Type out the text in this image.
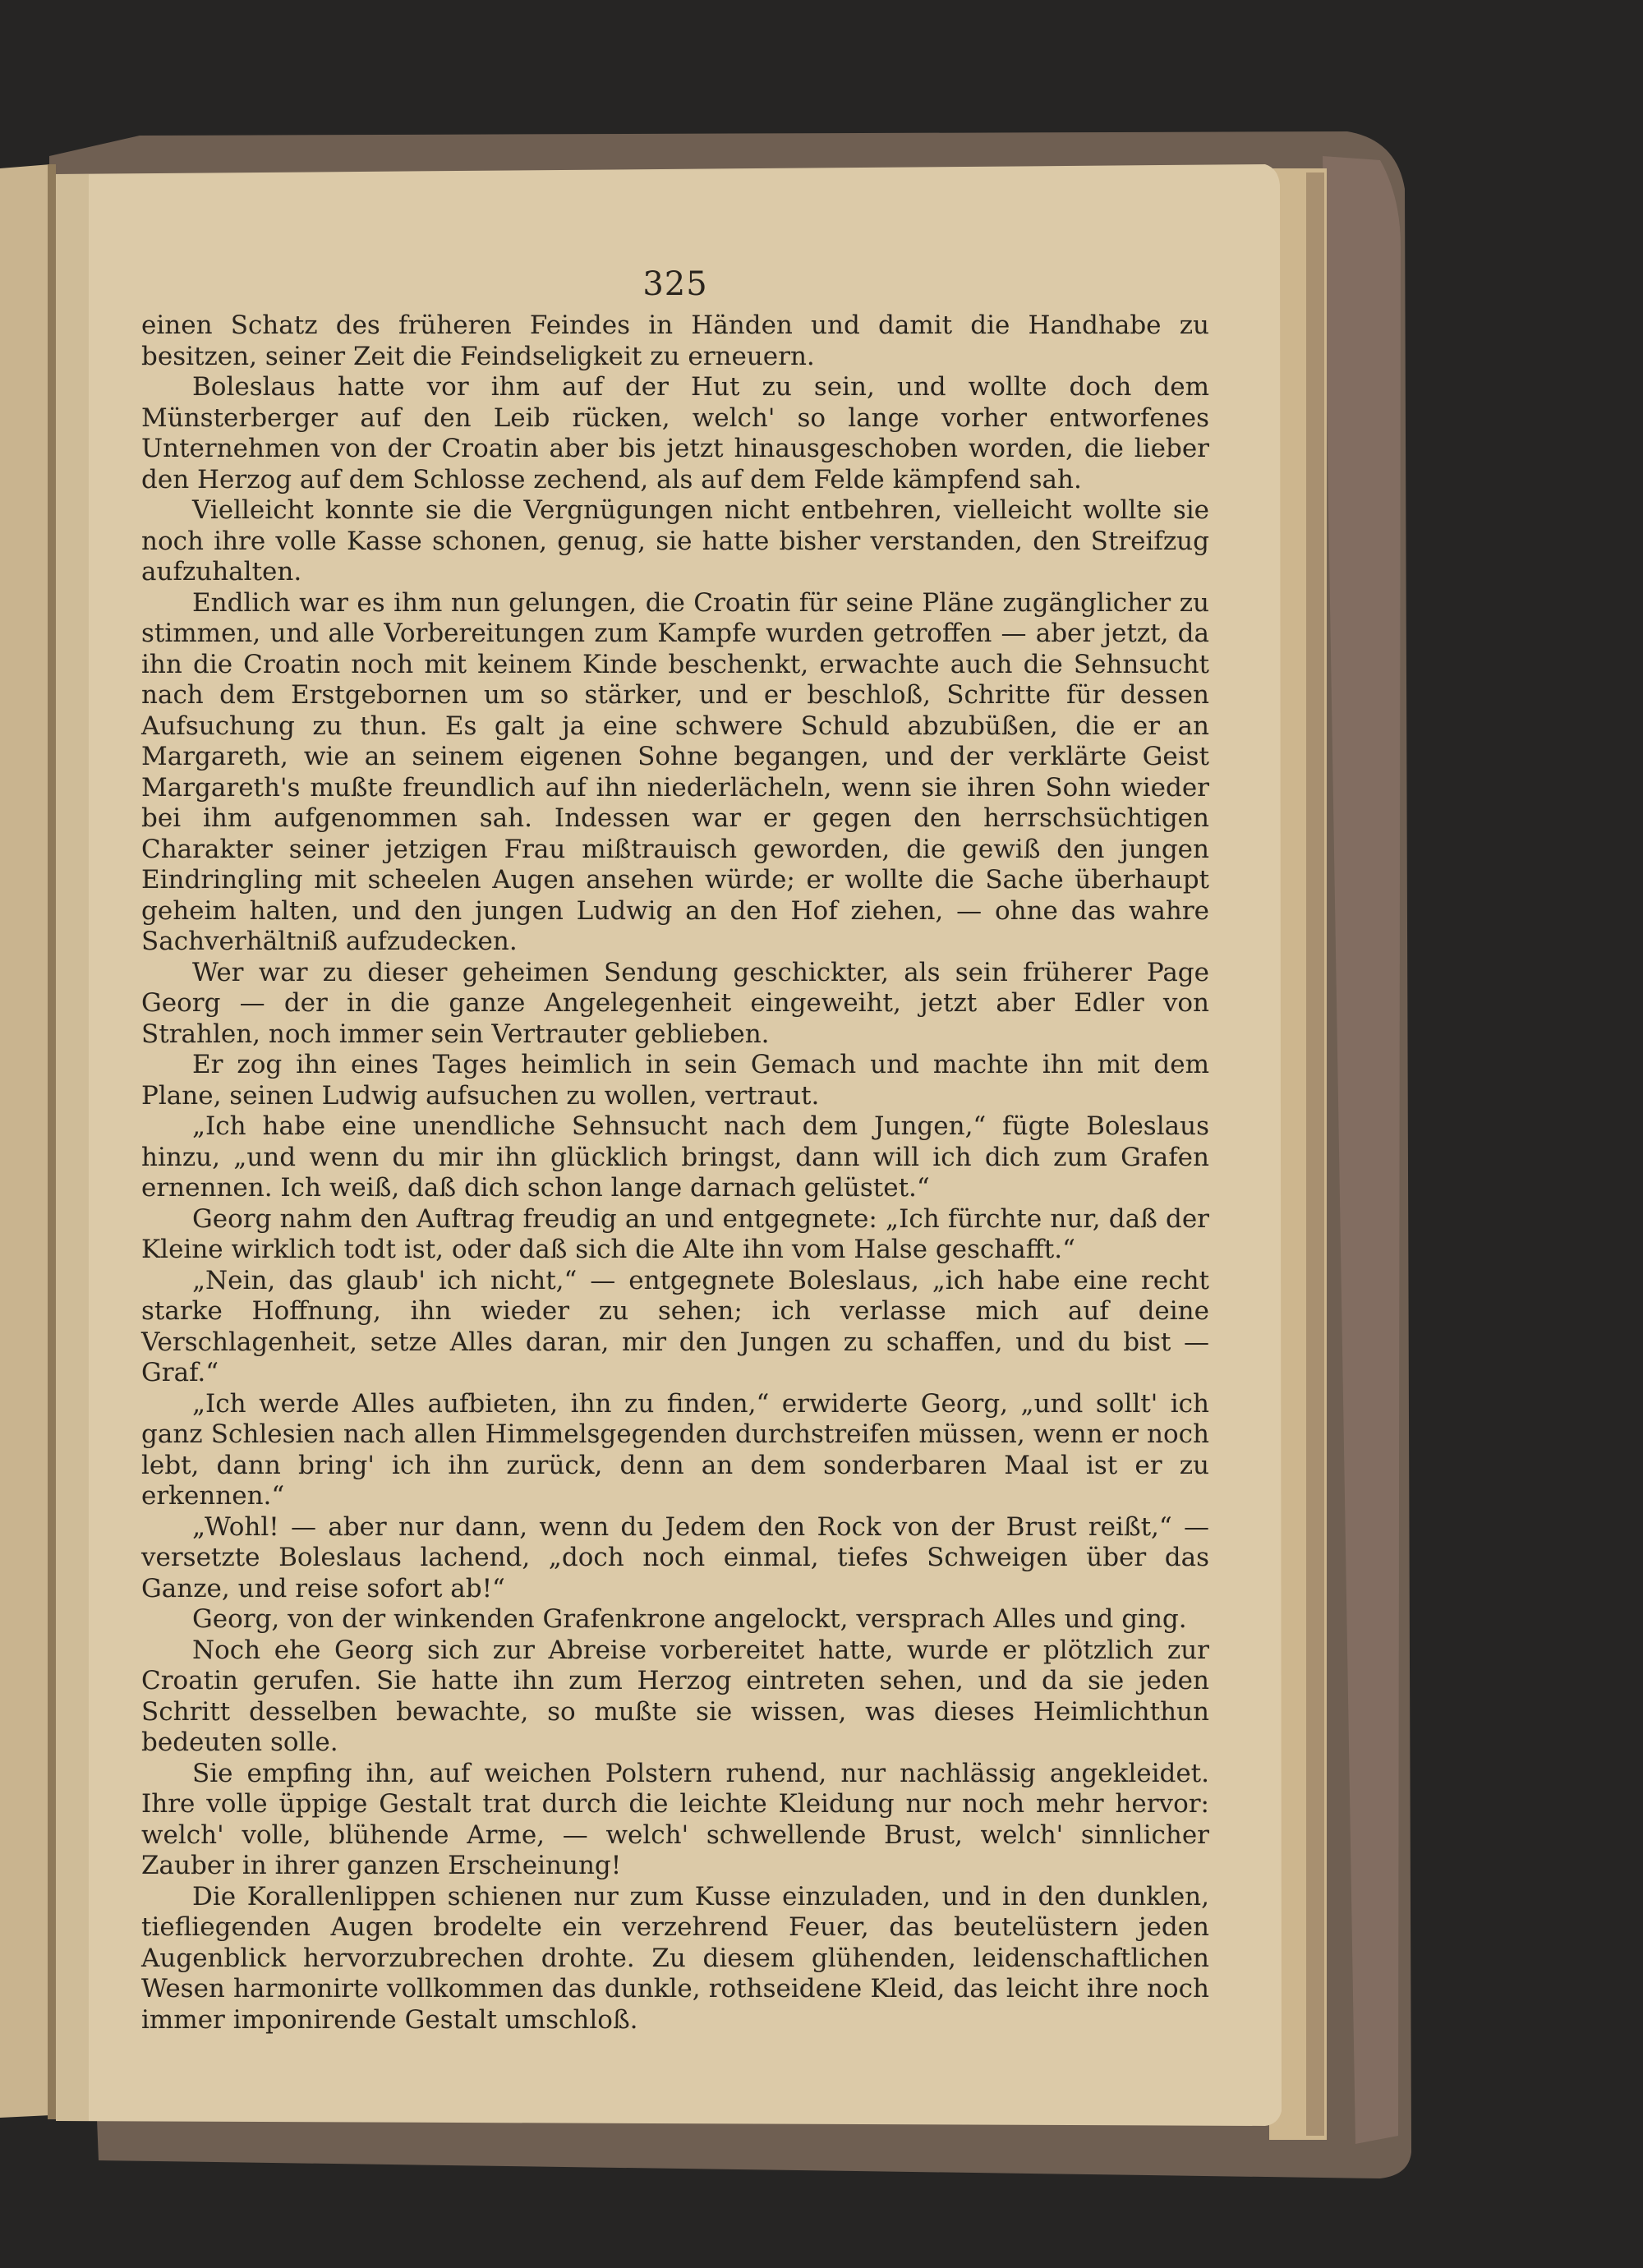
325

einen Schatz des früheren Feindes in Händen und damit die Handhabe zu besitzen, seiner Zeit die Feindseligkeit zu erneuern.

Boleslaus hatte vor ihm auf der Hut zu sein, und wollte doch dem Münsterberger auf den Leib rücken, welch' so lange vorher entworfenes Unternehmen von der Croatin aber bis jetzt hinausgeschoben worden, die lieber den Herzog auf dem Schlosse zechend, als auf dem Felde kämpfend sah.

Vielleicht konnte sie die Vergnügungen nicht entbehren, vielleicht wollte sie noch ihre volle Kasse schonen, genug, sie hatte bisher verstanden, den Streifzug aufzuhalten.

Endlich war es ihm nun gelungen, die Croatin für seine Pläne zugänglicher zu stimmen, und alle Vorbereitungen zum Kampfe wurden getroffen — aber jetzt, da ihn die Croatin noch mit keinem Kinde beschenkt, erwachte auch die Sehnsucht nach dem Erstgebornen um so stärker, und er beschloß, Schritte für dessen Aufsuchung zu thun. Es galt ja eine schwere Schuld abzubüßen, die er an Margareth, wie an seinem eigenen Sohne begangen, und der verklärte Geist Margareth's mußte freundlich auf ihn niederlächeln, wenn sie ihren Sohn wieder bei ihm aufgenommen sah. Indessen war er gegen den herrschsüchtigen Charakter seiner jetzigen Frau mißtrauisch geworden, die gewiß den jungen Eindringling mit scheelen Augen ansehen würde; er wollte die Sache überhaupt geheim halten, und den jungen Ludwig an den Hof ziehen, — ohne das wahre Sachverhältniß aufzudecken.

Wer war zu dieser geheimen Sendung geschickter, als sein früherer Page Georg — der in die ganze Angelegenheit eingeweiht, jetzt aber Edler von Strahlen, noch immer sein Vertrauter geblieben.

Er zog ihn eines Tages heimlich in sein Gemach und machte ihn mit dem Plane, seinen Ludwig aufsuchen zu wollen, vertraut.

„Ich habe eine unendliche Sehnsucht nach dem Jungen,“ fügte Boleslaus hinzu, „und wenn du mir ihn glücklich bringst, dann will ich dich zum Grafen ernennen. Ich weiß, daß dich schon lange darnach gelüstet.“

Georg nahm den Auftrag freudig an und entgegnete: „Ich fürchte nur, daß der Kleine wirklich todt ist, oder daß sich die Alte ihn vom Halse geschafft.“

„Nein, das glaub' ich nicht,“ — entgegnete Boleslaus, „ich habe eine recht starke Hoffnung, ihn wieder zu sehen; ich verlasse mich auf deine Verschlagenheit, setze Alles daran, mir den Jungen zu schaffen, und du bist — Graf.“

„Ich werde Alles aufbieten, ihn zu finden,“ erwiderte Georg, „und sollt' ich ganz Schlesien nach allen Himmelsgegenden durchstreifen müssen, wenn er noch lebt, dann bring' ich ihn zurück, denn an dem sonderbaren Maal ist er zu erkennen.“

„Wohl! — aber nur dann, wenn du Jedem den Rock von der Brust reißt,“ — versetzte Boleslaus lachend, „doch noch einmal, tiefes Schweigen über das Ganze, und reise sofort ab!“

Georg, von der winkenden Grafenkrone angelockt, versprach Alles und ging.

Noch ehe Georg sich zur Abreise vorbereitet hatte, wurde er plötzlich zur Croatin gerufen. Sie hatte ihn zum Herzog eintreten sehen, und da sie jeden Schritt desselben bewachte, so mußte sie wissen, was dieses Heimlichthun bedeuten solle.

Sie empfing ihn, auf weichen Polstern ruhend, nur nachlässig angekleidet. Ihre volle üppige Gestalt trat durch die leichte Kleidung nur noch mehr hervor: welch' volle, blühende Arme, — welch' schwellende Brust, welch' sinnlicher Zauber in ihrer ganzen Erscheinung!

Die Korallenlippen schienen nur zum Kusse einzuladen, und in den dunklen, tiefliegenden Augen brodelte ein verzehrend Feuer, das beutelüstern jeden Augenblick hervorzubrechen drohte. Zu diesem glühenden, leidenschaftlichen Wesen harmonirte vollkommen das dunkle, rothseidene Kleid, das leicht ihre noch immer imponirende Gestalt umschloß.
